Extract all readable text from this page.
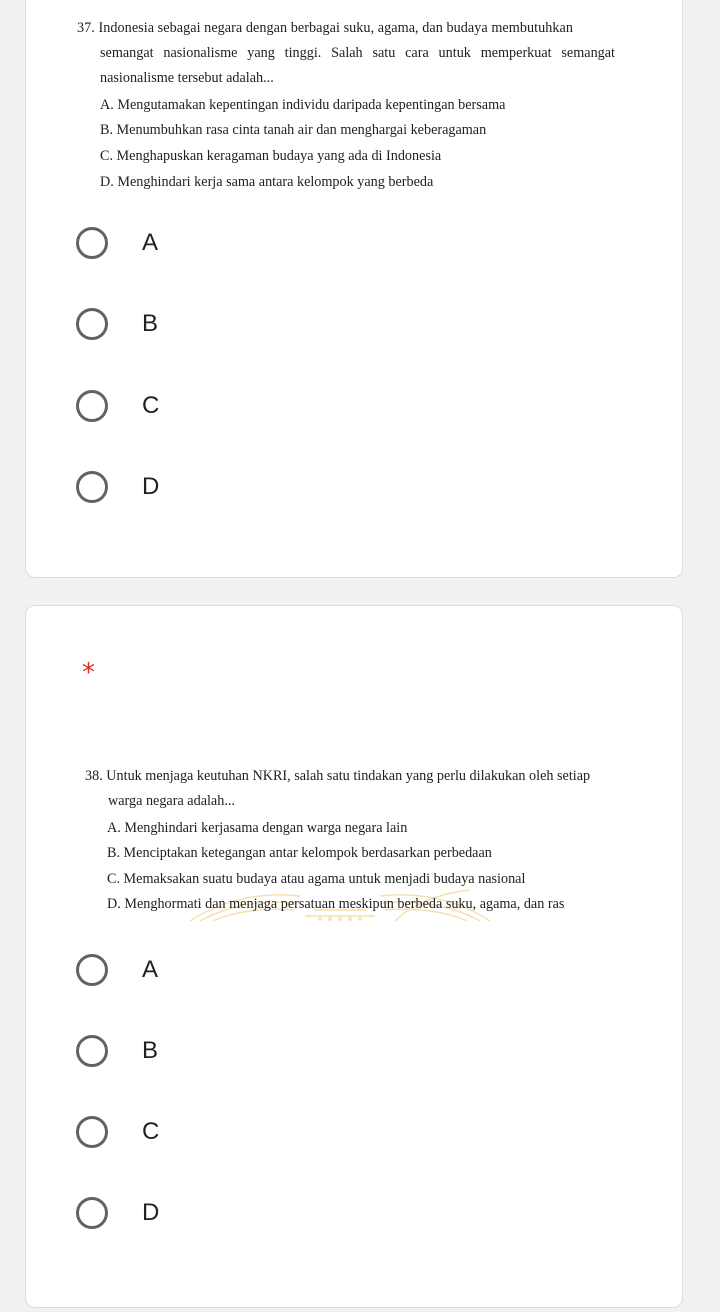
37. Indonesia sebagai negara dengan berbagai suku, agama, dan budaya membutuhkan
semangat nasionalisme yang tinggi. Salah satu cara untuk memperkuat semangat
nasionalisme tersebut adalah...
A. Mengutamakan kepentingan individu daripada kepentingan bersama
B. Menumbuhkan rasa cinta tanah air dan menghargai keberagaman
C. Menghapuskan keragaman budaya yang ada di Indonesia
D. Menghindari kerja sama antara kelompok yang berbeda
A
B
C
D
*
38. Untuk menjaga keutuhan NKRI, salah satu tindakan yang perlu dilakukan oleh setiap
warga negara adalah...
A. Menghindari kerjasama dengan warga negara lain
B. Menciptakan ketegangan antar kelompok berdasarkan perbedaan
C. Memaksakan suatu budaya atau agama untuk menjadi budaya nasional
D. Menghormati dan menjaga persatuan meskipun berbeda suku, agama, dan ras
A
B
C
D
